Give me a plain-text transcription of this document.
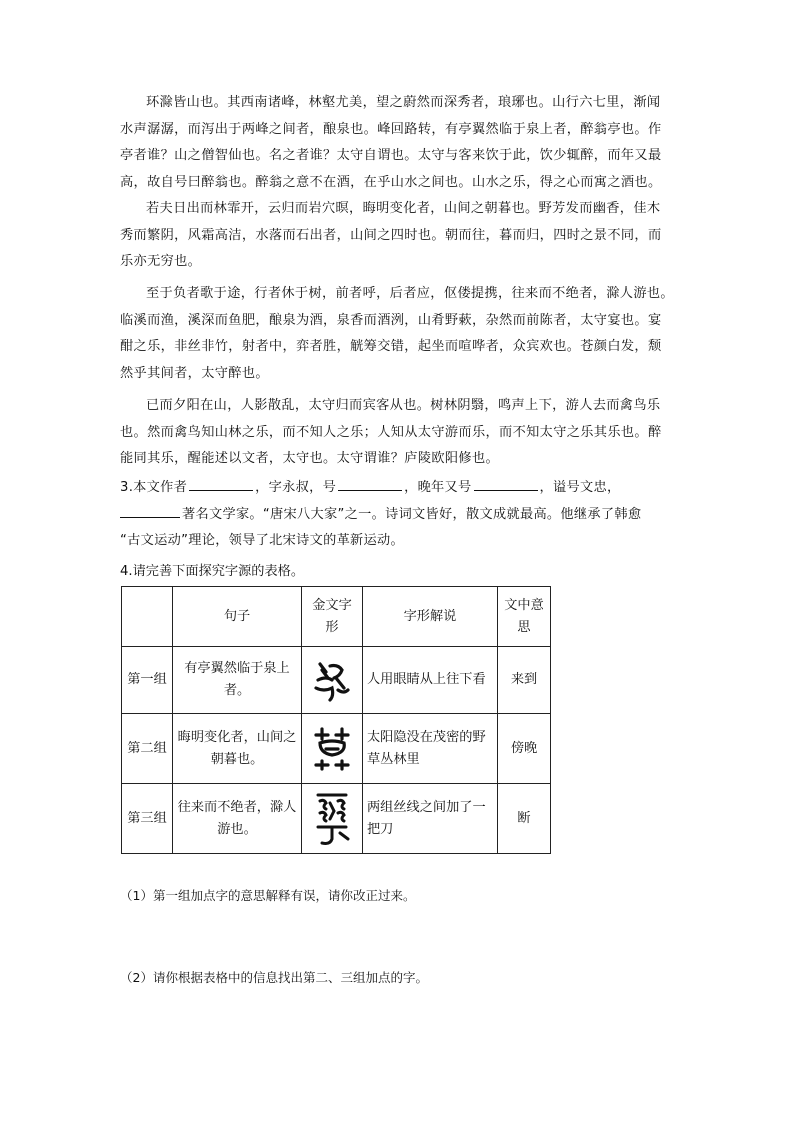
环滁皆山也。其西南诸峰，林壑尤美，望之蔚然而深秀者，琅琊也。山行六七里，渐闻
水声潺潺，而泻出于两峰之间者，酿泉也。峰回路转，有亭翼然临于泉上者，醉翁亭也。作
亭者谁？山之僧智仙也。名之者谁？太守自谓也。太守与客来饮于此，饮少辄醉，而年又最
高，故自号曰醉翁也。醉翁之意不在酒，在乎山水之间也。山水之乐，得之心而寓之酒也。
若夫日出而林霏开，云归而岩穴暝，晦明变化者，山间之朝暮也。野芳发而幽香，佳木
秀而繁阴，风霜高洁，水落而石出者，山间之四时也。朝而往，暮而归，四时之景不同，而
乐亦无穷也。
至于负者歌于途，行者休于树，前者呼，后者应，伛偻提携，往来而不绝者，滁人游也。
临溪而渔，溪深而鱼肥，酿泉为酒，泉香而酒洌，山肴野蔌，杂然而前陈者，太守宴也。宴
酣之乐，非丝非竹，射者中，弈者胜，觥筹交错，起坐而喧哗者，众宾欢也。苍颜白发，颓
然乎其间者，太守醉也。
已而夕阳在山，人影散乱，太守归而宾客从也。树林阴翳，鸣声上下，游人去而禽鸟乐
也。然而禽鸟知山林之乐，而不知人之乐；人知从太守游而乐，而不知太守之乐其乐也。醉
能同其乐，醒能述以文者，太守也。太守谓谁？庐陵欧阳修也。
3.本文作者	，字永叔，号	，晚年又号	，谥号文忠，
著名文学家。“唐宋八大家”之一。诗词文皆好，散文成就最高。他继承了韩愈
“古文运动”理论，领导了北宋诗文的革新运动。
4.请完善下面探究字源的表格。
	句子	金文字形	字形解说	文中意思
第一组	有亭翼然临于泉上者。		人用眼睛从上往下看	来到
第二组	晦明变化者，山间之朝暮也。		太阳隐没在茂密的野草丛林里	傍晚
第三组	往来而不绝者，滁人游也。		两组丝线之间加了一把刀	断

（1）第一组加点字的意思解释有误，请你改正过来。

（2）请你根据表格中的信息找出第二、三组加点的字。
